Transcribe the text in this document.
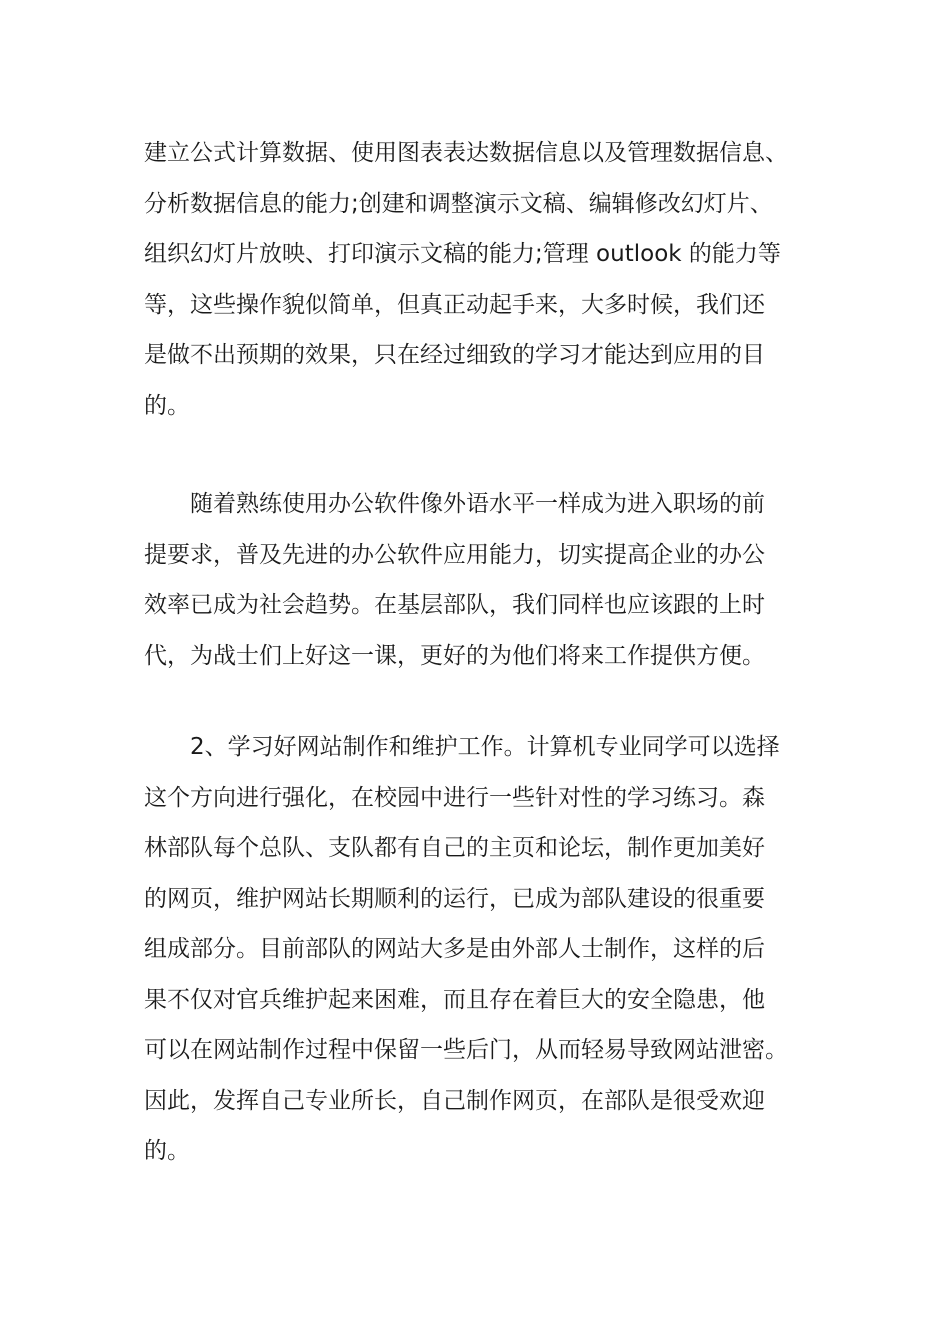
建立公式计算数据、使用图表表达数据信息以及管理数据信息、
分析数据信息的能力;创建和调整演示文稿、编辑修改幻灯片、
组织幻灯片放映、打印演示文稿的能力;管理 outlook 的能力等
等，这些操作貌似简单，但真正动起手来，大多时候，我们还
是做不出预期的效果，只在经过细致的学习才能达到应用的目
的。

随着熟练使用办公软件像外语水平一样成为进入职场的前
提要求，普及先进的办公软件应用能力，切实提高企业的办公
效率已成为社会趋势。在基层部队，我们同样也应该跟的上时
代，为战士们上好这一课，更好的为他们将来工作提供方便。

2、学习好网站制作和维护工作。计算机专业同学可以选择
这个方向进行强化，在校园中进行一些针对性的学习练习。森
林部队每个总队、支队都有自己的主页和论坛，制作更加美好
的网页，维护网站长期顺利的运行，已成为部队建设的很重要
组成部分。目前部队的网站大多是由外部人士制作，这样的后
果不仅对官兵维护起来困难，而且存在着巨大的安全隐患，他
可以在网站制作过程中保留一些后门，从而轻易导致网站泄密。
因此，发挥自己专业所长，自己制作网页，在部队是很受欢迎
的。
